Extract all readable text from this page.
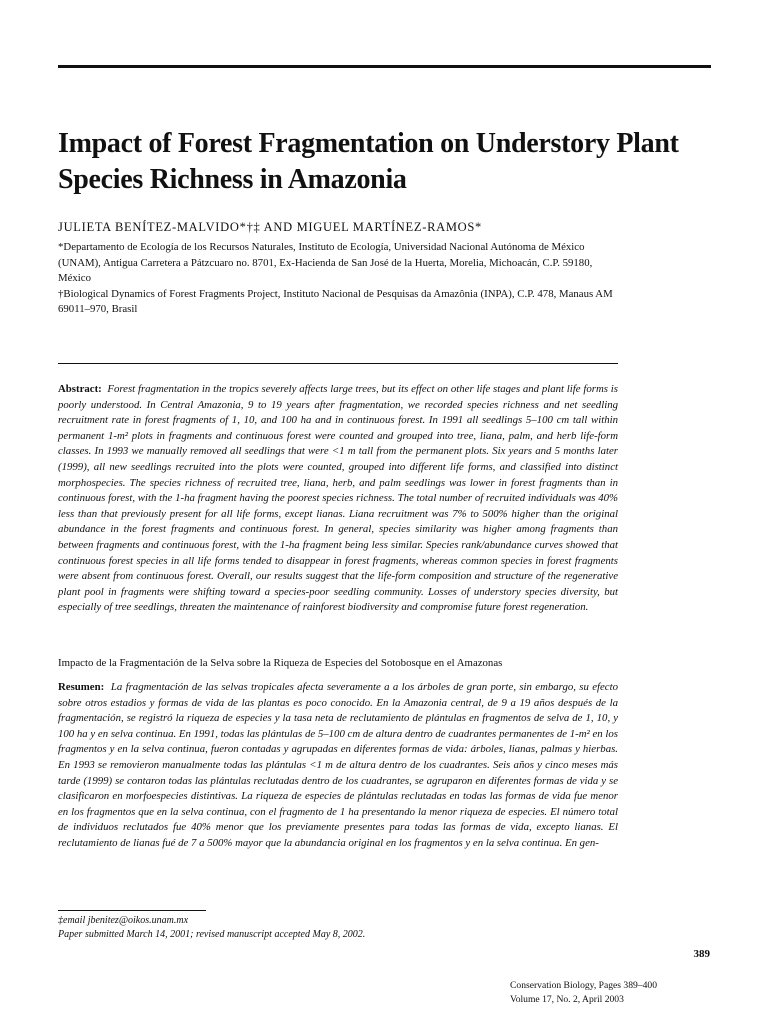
Impact of Forest Fragmentation on Understory Plant Species Richness in Amazonia

JULIETA BENÍTEZ-MALVIDO*†‡ AND MIGUEL MARTÍNEZ-RAMOS*

*Departamento de Ecología de los Recursos Naturales, Instituto de Ecología, Universidad Nacional Autónoma de México (UNAM), Antigua Carretera a Pátzcuaro no. 8701, Ex-Hacienda de San José de la Huerta, Morelia, Michoacán, C.P. 59180, México

†Biological Dynamics of Forest Fragments Project, Instituto Nacional de Pesquisas da Amazônia (INPA), C.P. 478, Manaus AM 69011–970, Brasil

Abstract: Forest fragmentation in the tropics severely affects large trees, but its effect on other life stages and plant life forms is poorly understood. In Central Amazonia, 9 to 19 years after fragmentation, we recorded species richness and net seedling recruitment rate in forest fragments of 1, 10, and 100 ha and in continuous forest. In 1991 all seedlings 5–100 cm tall within permanent 1-m² plots in fragments and continuous forest were counted and grouped into tree, liana, palm, and herb life-form classes. In 1993 we manually removed all seedlings that were <1 m tall from the permanent plots. Six years and 5 months later (1999), all new seedlings recruited into the plots were counted, grouped into different life forms, and classified into distinct morphospecies. The species richness of recruited tree, liana, herb, and palm seedlings was lower in forest fragments than in continuous forest, with the 1-ha fragment having the poorest species richness. The total number of recruited individuals was 40% less than that previously present for all life forms, except lianas. Liana recruitment was 7% to 500% higher than the original abundance in the forest fragments and continuous forest. In general, species similarity was higher among fragments than between fragments and continuous forest, with the 1-ha fragment being less similar. Species rank/abundance curves showed that continuous forest species in all life forms tended to disappear in forest fragments, whereas common species in forest fragments were absent from continuous forest. Overall, our results suggest that the life-form composition and structure of the regenerative plant pool in fragments were shifting toward a species-poor seedling community. Losses of understory species diversity, but especially of tree seedlings, threaten the maintenance of rainforest biodiversity and compromise future forest regeneration.

Impacto de la Fragmentación de la Selva sobre la Riqueza de Especies del Sotobosque en el Amazonas

Resumen: La fragmentación de las selvas tropicales afecta severamente a a los árboles de gran porte, sin embargo, su efecto sobre otros estadios y formas de vida de las plantas es poco conocido. En la Amazonia central, de 9 a 19 años después de la fragmentación, se registró la riqueza de especies y la tasa neta de reclutamiento de plántulas en fragmentos de selva de 1, 10, y 100 ha y en selva continua. En 1991, todas las plántulas de 5–100 cm de altura dentro de cuadrantes permanentes de 1-m² en los fragmentos y en la selva continua, fueron contadas y agrupadas en diferentes formas de vida: árboles, lianas, palmas y hierbas. En 1993 se removieron manualmente todas las plántulas <1 m de altura dentro de los cuadrantes. Seis años y cinco meses más tarde (1999) se contaron todas las plántulas reclutadas dentro de los cuadrantes, se agruparon en diferentes formas de vida y se clasificaron en morfoespecies distintivas. La riqueza de especies de plántulas reclutadas en todas las formas de vida fue menor en los fragmentos que en la selva continua, con el fragmento de 1 ha presentando la menor riqueza de especies. El número total de individuos reclutados fue 40% menor que los previamente presentes para todas las formas de vida, excepto lianas. El reclutamiento de lianas fué de 7 a 500% mayor que la abundancia original en los fragmentos y en la selva continua. En gen-

‡email jbenitez@oikos.unam.mx

Paper submitted March 14, 2001; revised manuscript accepted May 8, 2002.

389
Conservation Biology, Pages 389–400
Volume 17, No. 2, April 2003
